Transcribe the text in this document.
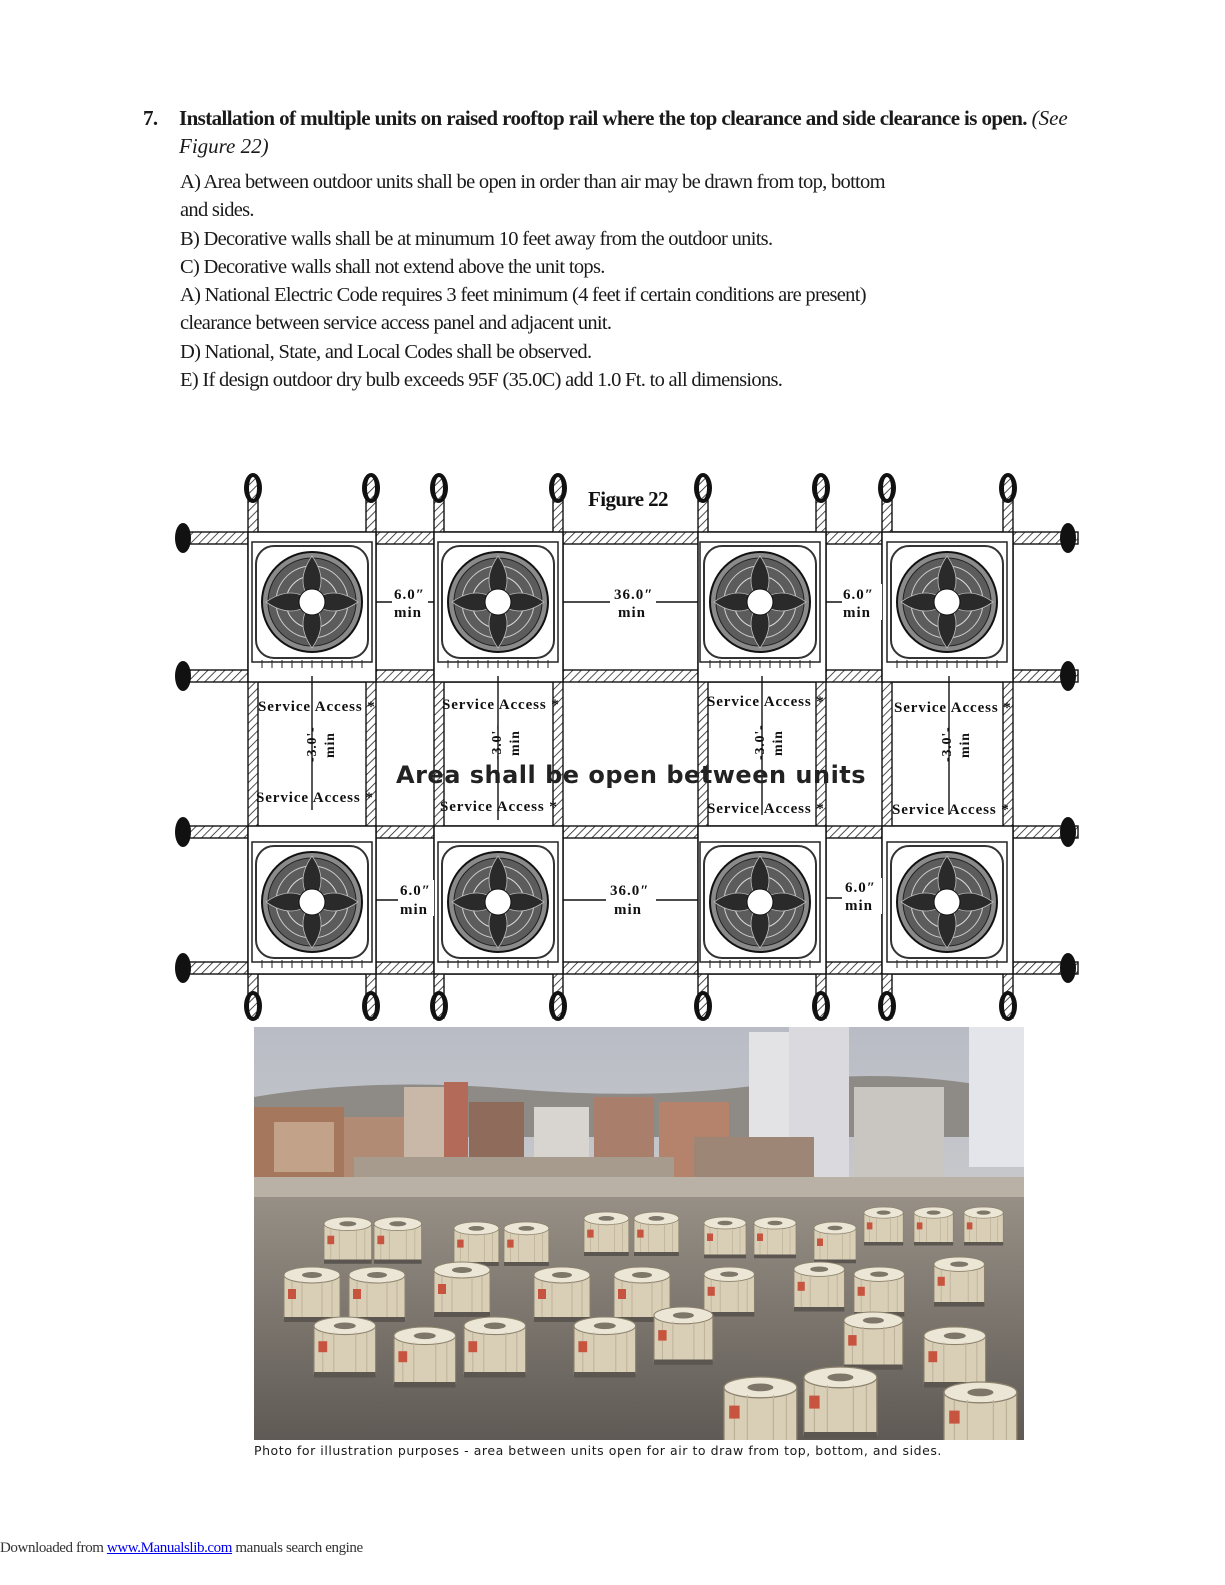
7. Installation of multiple units on raised rooftop rail where the top clearance and side clearance is open. (See Figure 22)
A) Area between outdoor units shall be open in order than air may be drawn from top, bottom
and sides.
B) Decorative walls shall be at minumum 10 feet away from the outdoor units.
C) Decorative walls shall not extend above the unit tops.
A) National Electric Code requires 3 feet minimum (4 feet if certain conditions are present)
clearance between service access panel and adjacent unit.
D) National, State, and Local Codes shall be observed.
E) If design outdoor dry bulb exceeds 95F (35.0C) add 1.0 Ft. to all dimensions.
Figure 22
6.0″
min
36.0″
min
6.0″
min
6.0″
min
36.0″
min
6.0″
min
Service Access *	Service Access *	Service Access *	Service Access *
Service Access *
Service Access *	Service Access *	Service Access *
-3.0'- min	-3.0'- min	-3.0'- min	-3.0'- min
Area shall be open between units
Photo for illustration purposes - area between units open for air to draw from top, bottom, and sides.
Downloaded from www.Manualslib.com manuals search engine
